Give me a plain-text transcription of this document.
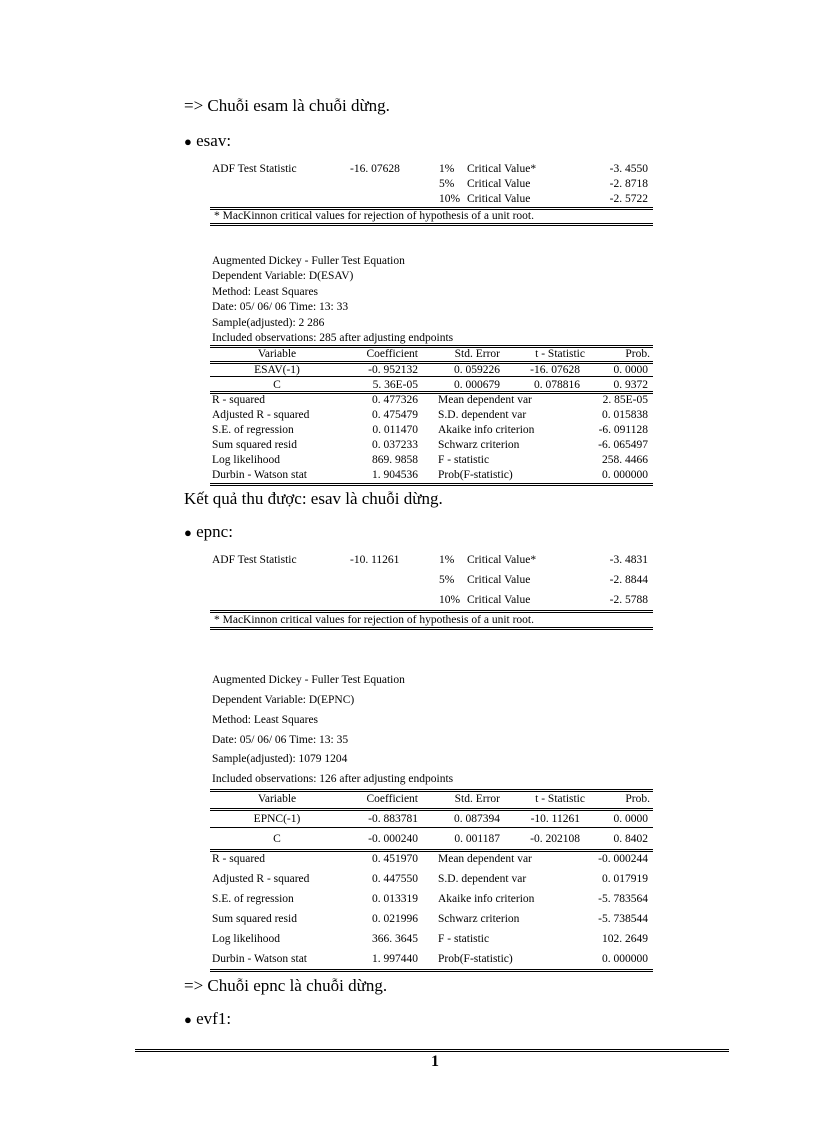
=> Chuỗi esam là chuỗi dừng.
● esav:
ADF Test Statistic	-16. 07628	1% Critical Value*	-3. 4550
5% Critical Value	-2. 8718
10% Critical Value	-2. 5722
* MacKinnon critical values for rejection of hypothesis of a unit root.
Augmented Dickey - Fuller Test Equation
Dependent Variable: D(ESAV)
Method: Least Squares
Date: 05/ 06/ 06 Time: 13: 33
Sample(adjusted): 2 286
Included observations: 285 after adjusting endpoints
Variable	Coefficient	Std. Error	t - Statistic	Prob.
ESAV(-1)	-0. 952132	0. 059226	-16. 07628	0. 0000
C	5. 36E-05	0. 000679	0. 078816	0. 9372
R - squared	0. 477326 Mean dependent var	2. 85E-05
Adjusted R - squared	0. 475479 S.D. dependent var	0. 015838
S.E. of regression	0. 011470 Akaike info criterion	-6. 091128
Sum squared resid	0. 037233 Schwarz criterion	-6. 065497
Log likelihood	869. 9858 F - statistic	258. 4466
Durbin - Watson stat	1. 904536 Prob(F-statistic)	0. 000000
Kết quả thu được: esav là chuỗi dừng.
● epnc:
ADF Test Statistic	-10. 11261	1% Critical Value*	-3. 4831
5% Critical Value	-2. 8844
10% Critical Value	-2. 5788
* MacKinnon critical values for rejection of hypothesis of a unit root.
Augmented Dickey - Fuller Test Equation
Dependent Variable: D(EPNC)
Method: Least Squares
Date: 05/ 06/ 06 Time: 13: 35
Sample(adjusted): 1079 1204
Included observations: 126 after adjusting endpoints
Variable	Coefficient	Std. Error	t - Statistic	Prob.
EPNC(-1)	-0. 883781	0. 087394	-10. 11261	0. 0000
C	-0. 000240	0. 001187	-0. 202108	0. 8402
R - squared	0. 451970 Mean dependent var	-0. 000244
Adjusted R - squared	0. 447550 S.D. dependent var	0. 017919
S.E. of regression	0. 013319 Akaike info criterion	-5. 783564
Sum squared resid	0. 021996 Schwarz criterion	-5. 738544
Log likelihood	366. 3645 F - statistic	102. 2649
Durbin - Watson stat	1. 997440 Prob(F-statistic)	0. 000000
=> Chuỗi epnc là chuỗi dừng.
● evf1:
1
